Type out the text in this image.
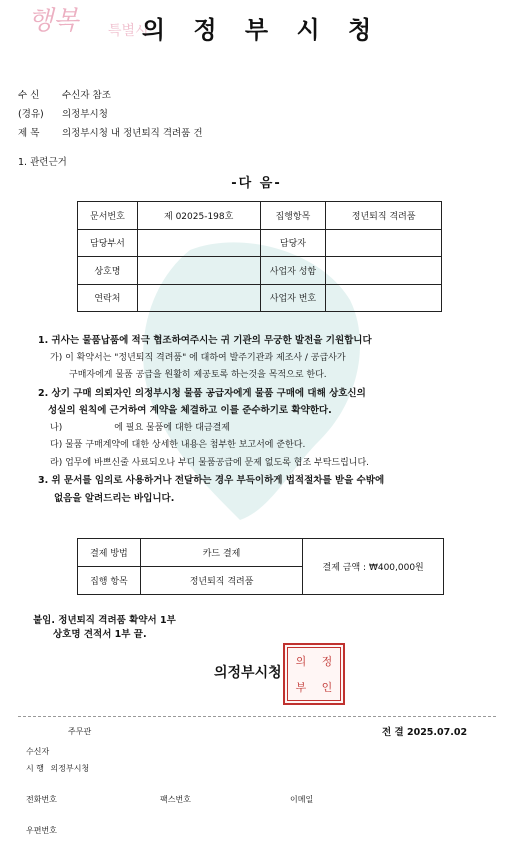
행복 특별시
의 정 부 시 청
수 신 수신자 참조
(경유) 의정부시청
제 목 의정부시청 내 정년퇴직 격려품 건
1. 관련근거
-다 음-
문서번호	제 02025-198호	집행항목	정년퇴직 격려품
담당부서		담당자	
상호명		사업자 성함	
연락처		사업자 번호	
1. 귀사는 물품납품에 적극 협조하여주시는 귀 기관의 무궁한 발전을 기원합니다
가) 이 확약서는 "정년퇴직 격려품" 에 대하여 발주기관과 제조사 / 공급사가
구매자에게 물품 공급을 원활히 제공토록 하는것을 목적으로 한다.
2. 상기 구매 의뢰자인 의정부시청 물품 공급자에게 물품 구매에 대해 상호신의
성실의 원칙에 근거하여 계약을 체결하고 이를 준수하기로 확약한다.
나)	에 필요 물품에 대한 대금결제
다) 물품 구매계약에 대한 상세한 내용은 첨부한 보고서에 준한다.
라) 업무에 바쁘신줄 사료되오나 부디 물품공급에 문제 없도록 협조 부탁드립니다.
3. 위 문서를 임의로 사용하거나 전달하는 경우 부득이하게 법적절차를 받을 수밖에
없음을 알려드리는 바입니다.
결제 방법	카드 결제	결제 금액 : ₩400,000원
집행 항목	정년퇴직 격려품	
붙임. 정년퇴직 격려품 확약서 1부
상호명 견적서 1부 끝.
의정부시청
의	정
부	인
주무관	전 결 2025.07.02
수신자
시 행 의정부시청
전화번호	팩스번호	이메일
우편번호
